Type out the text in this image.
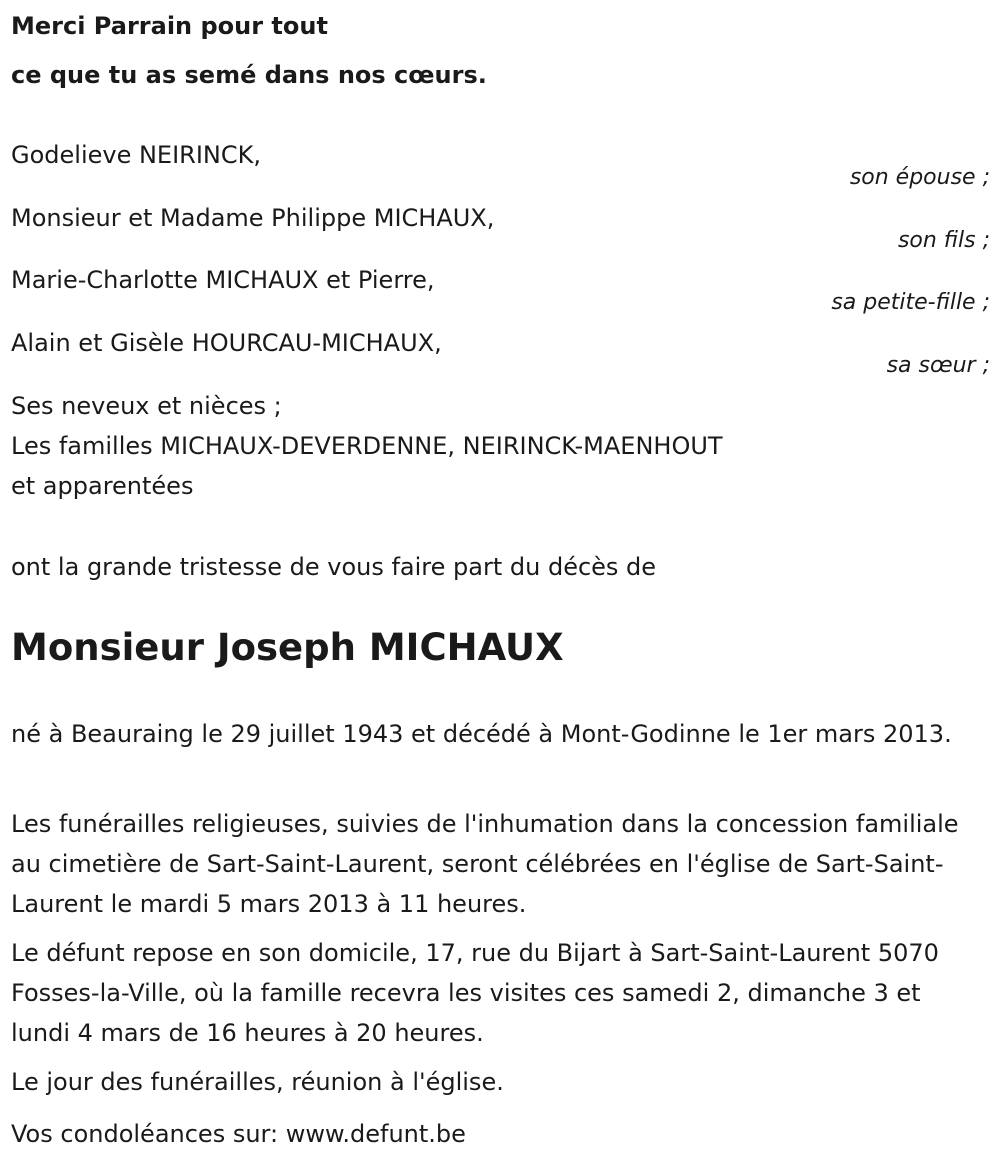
Merci Parrain pour tout
ce que tu as semé dans nos cœurs.
Godelieve NEIRINCK,
son épouse ;
Monsieur et Madame Philippe MICHAUX,
son fils ;
Marie-Charlotte MICHAUX et Pierre,
sa petite-fille ;
Alain et Gisèle HOURCAU-MICHAUX,
sa sœur ;

Ses neveux et nièces ;

Les familles MICHAUX-DEVERDENNE, NEIRINCK-MAENHOUT

et apparentées

ont la grande tristesse de vous faire part du décès de

Monsieur Joseph MICHAUX
né à Beauraing le 29 juillet 1943 et décédé à Mont-Godinne le 1er mars 2013.
Les funérailles religieuses, suivies de l'inhumation dans la concession familiale au cimetière de Sart-Saint-Laurent, seront célébrées en l'église de Sart-Saint-Laurent le mardi 5 mars 2013 à 11 heures.
Le défunt repose en son domicile, 17, rue du Bijart à Sart-Saint-Laurent 5070 Fosses-la-Ville, où la famille recevra les visites ces samedi 2, dimanche 3 et lundi 4 mars de 16 heures à 20 heures.
Le jour des funérailles, réunion à l'église.
Vos condoléances sur: www.defunt.be
